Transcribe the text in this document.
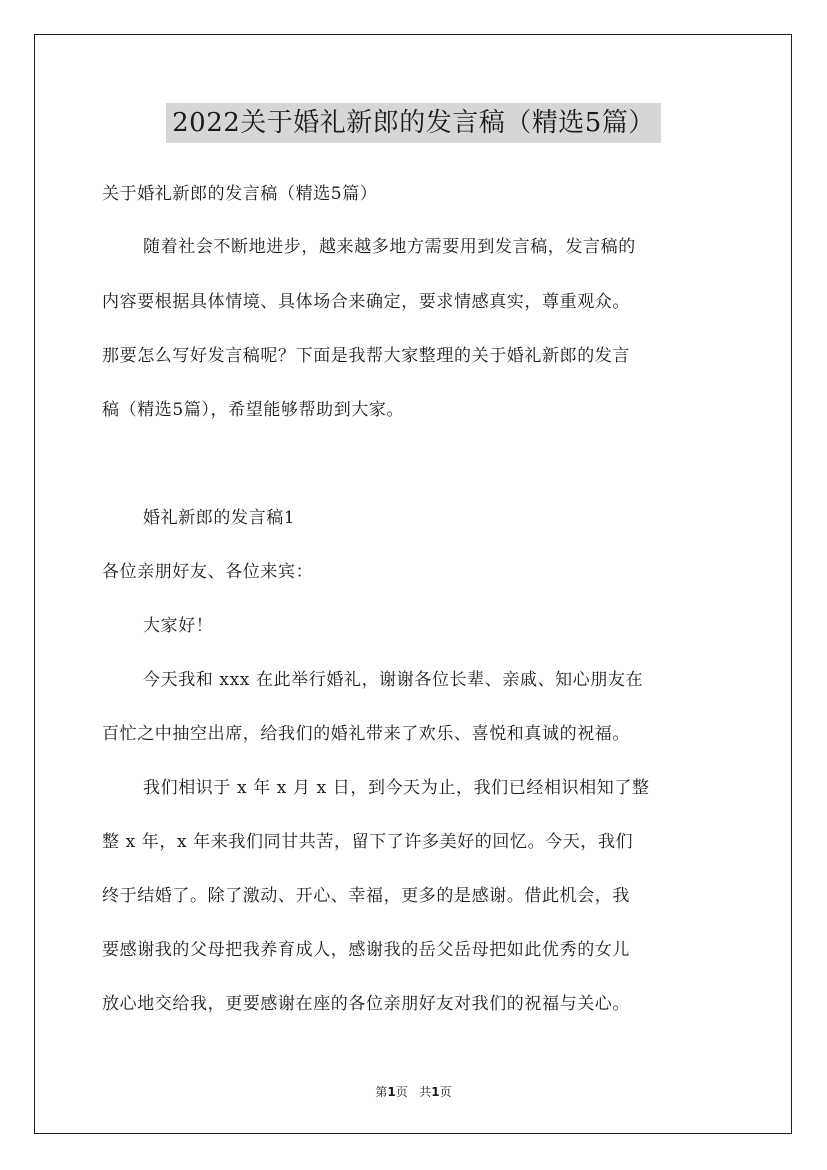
2022关于婚礼新郎的发言稿（精选5篇）
关于婚礼新郎的发言稿（精选5篇）
随着社会不断地进步，越来越多地方需要用到发言稿，发言稿的
内容要根据具体情境、具体场合来确定，要求情感真实，尊重观众。
那要怎么写好发言稿呢？下面是我帮大家整理的关于婚礼新郎的发言
稿（精选5篇），希望能够帮助到大家。
婚礼新郎的发言稿1
各位亲朋好友、各位来宾：
大家好！
今天我和 xxx 在此举行婚礼，谢谢各位长辈、亲戚、知心朋友在
百忙之中抽空出席，给我们的婚礼带来了欢乐、喜悦和真诚的祝福。
我们相识于 x 年 x 月 x 日，到今天为止，我们已经相识相知了整
整 x 年，x 年来我们同甘共苦，留下了许多美好的回忆。今天，我们
终于结婚了。除了激动、开心、幸福，更多的是感谢。借此机会，我
要感谢我的父母把我养育成人，感谢我的岳父岳母把如此优秀的女儿
放心地交给我，更要感谢在座的各位亲朋好友对我们的祝福与关心。
第1页 共1页
